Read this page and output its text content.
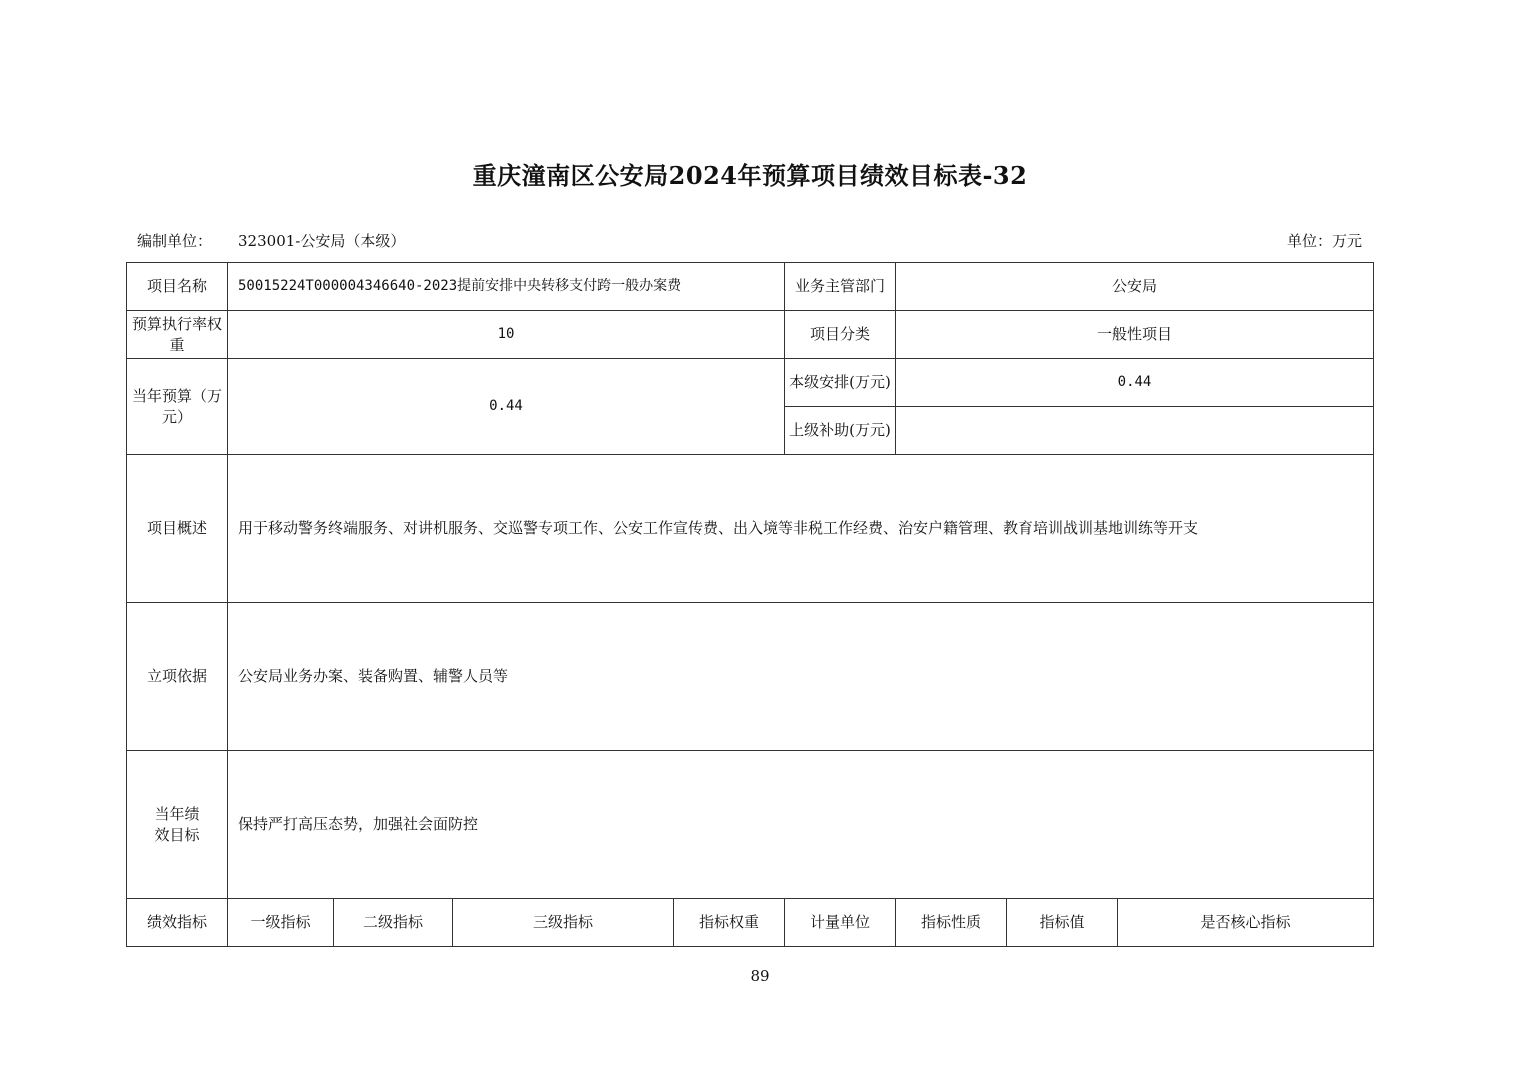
重庆潼南区公安局2024年预算项目绩效目标表-32
编制单位： 323001-公安局（本级）	单位：万元
项目名称	50015224T000004346640-2023提前安排中央转移支付跨一般办案费				业务主管部门	公安局		
预算执行率权重	10				项目分类	一般性项目		
当年预算（万元）	0.44				本级安排(万元)	0.44		
					上级补助(万元)			
项目概述	用于移动警务终端服务、对讲机服务、交巡警专项工作、公安工作宣传费、出入境等非税工作经费、治安户籍管理、教育培训战训基地训练等开支							
立项依据	公安局业务办案、装备购置、辅警人员等							
当年绩效目标	保持严打高压态势，加强社会面防控							
绩效指标	一级指标	二级指标	三级指标	指标权重	计量单位	指标性质	指标值	是否核心指标
89
